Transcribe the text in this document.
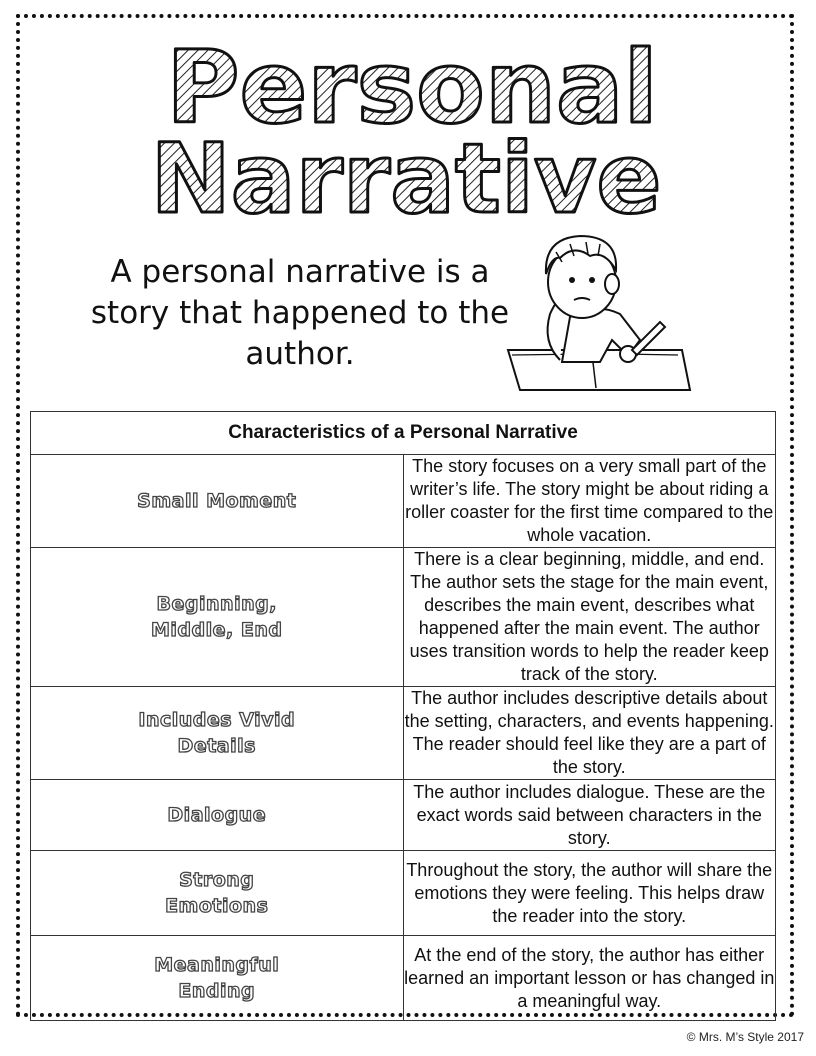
Personal
Narrative
A personal narrative is a story that happened to the author.
Characteristics of a Personal Narrative	
Small Moment	The story focuses on a very small part of the writer’s life. The story might be about riding a roller coaster for the first time compared to the whole vacation.
Beginning, Middle, End	There is a clear beginning, middle, and end. The author sets the stage for the main event, describes the main event, describes what happened after the main event. The author uses transition words to help the reader keep track of the story.
Includes Vivid Details	The author includes descriptive details about the setting, characters, and events happening. The reader should feel like they are a part of the story.
Dialogue	The author includes dialogue. These are the exact words said between characters in the story.
Strong Emotions	Throughout the story, the author will share the emotions they were feeling. This helps draw the reader into the story.
Meaningful Ending	At the end of the story, the author has either learned an important lesson or has changed in a meaningful way.
© Mrs. M’s Style 2017
